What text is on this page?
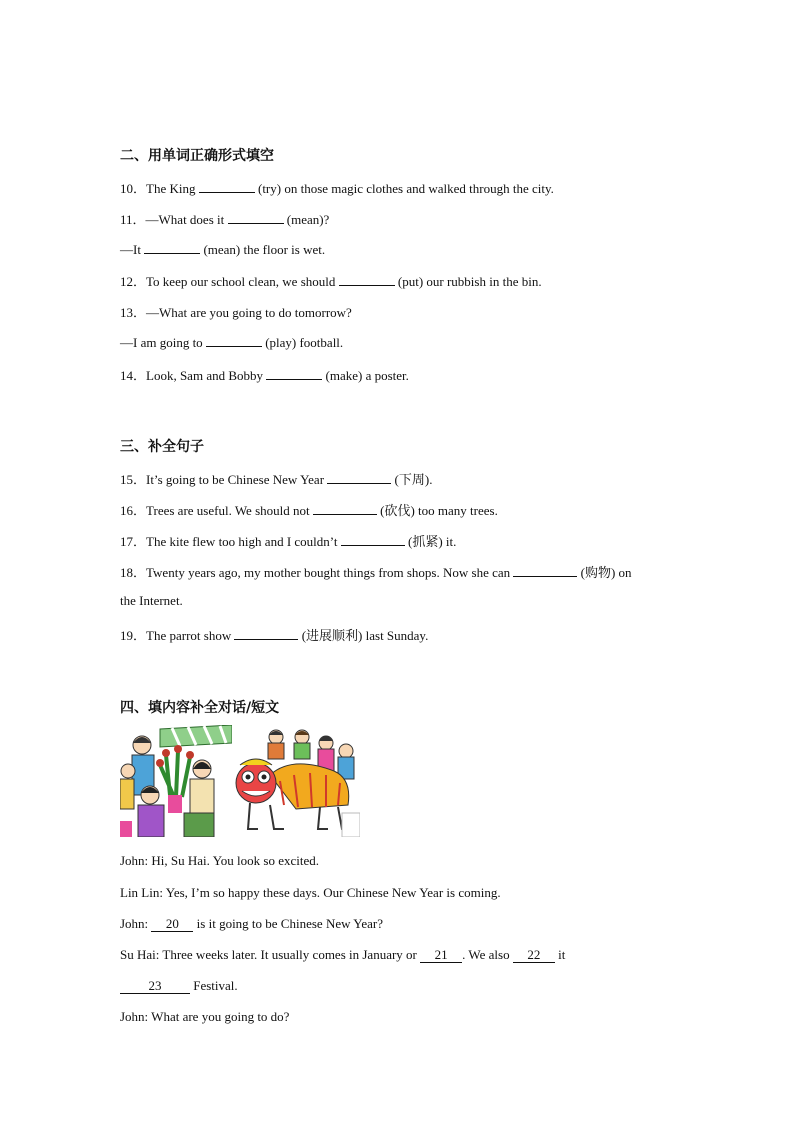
二、用单词正确形式填空
10．The King	(try) on those magic clothes and walked through the city.
11．—What does it	(mean)?
—It	(mean) the floor is wet.
12．To keep our school clean, we should	(put) our rubbish in the bin.
13．—What are you going to do tomorrow?
—I am going to	(play) football.
14．Look, Sam and Bobby	(make) a poster.
三、补全句子
15．It’s going to be Chinese New Year	(下周).
16．Trees are useful. We should not	(砍伐) too many trees.
17．The kite flew too high and I couldn’t	(抓紧) it.
18．Twenty years ago, my mother bought things from shops. Now she can	(购物) on
the Internet.
19．The parrot show	(进展顺利) last Sunday.
四、填内容补全对话/短文
John: Hi, Su Hai. You look so excited.
Lin Lin: Yes, I’m so happy these days. Our Chinese New Year is coming.
John: 20 is it going to be Chinese New Year?
Su Hai: Three weeks later. It usually comes in January or 21 . We also 22 it
23 Festival.
John: What are you going to do?
